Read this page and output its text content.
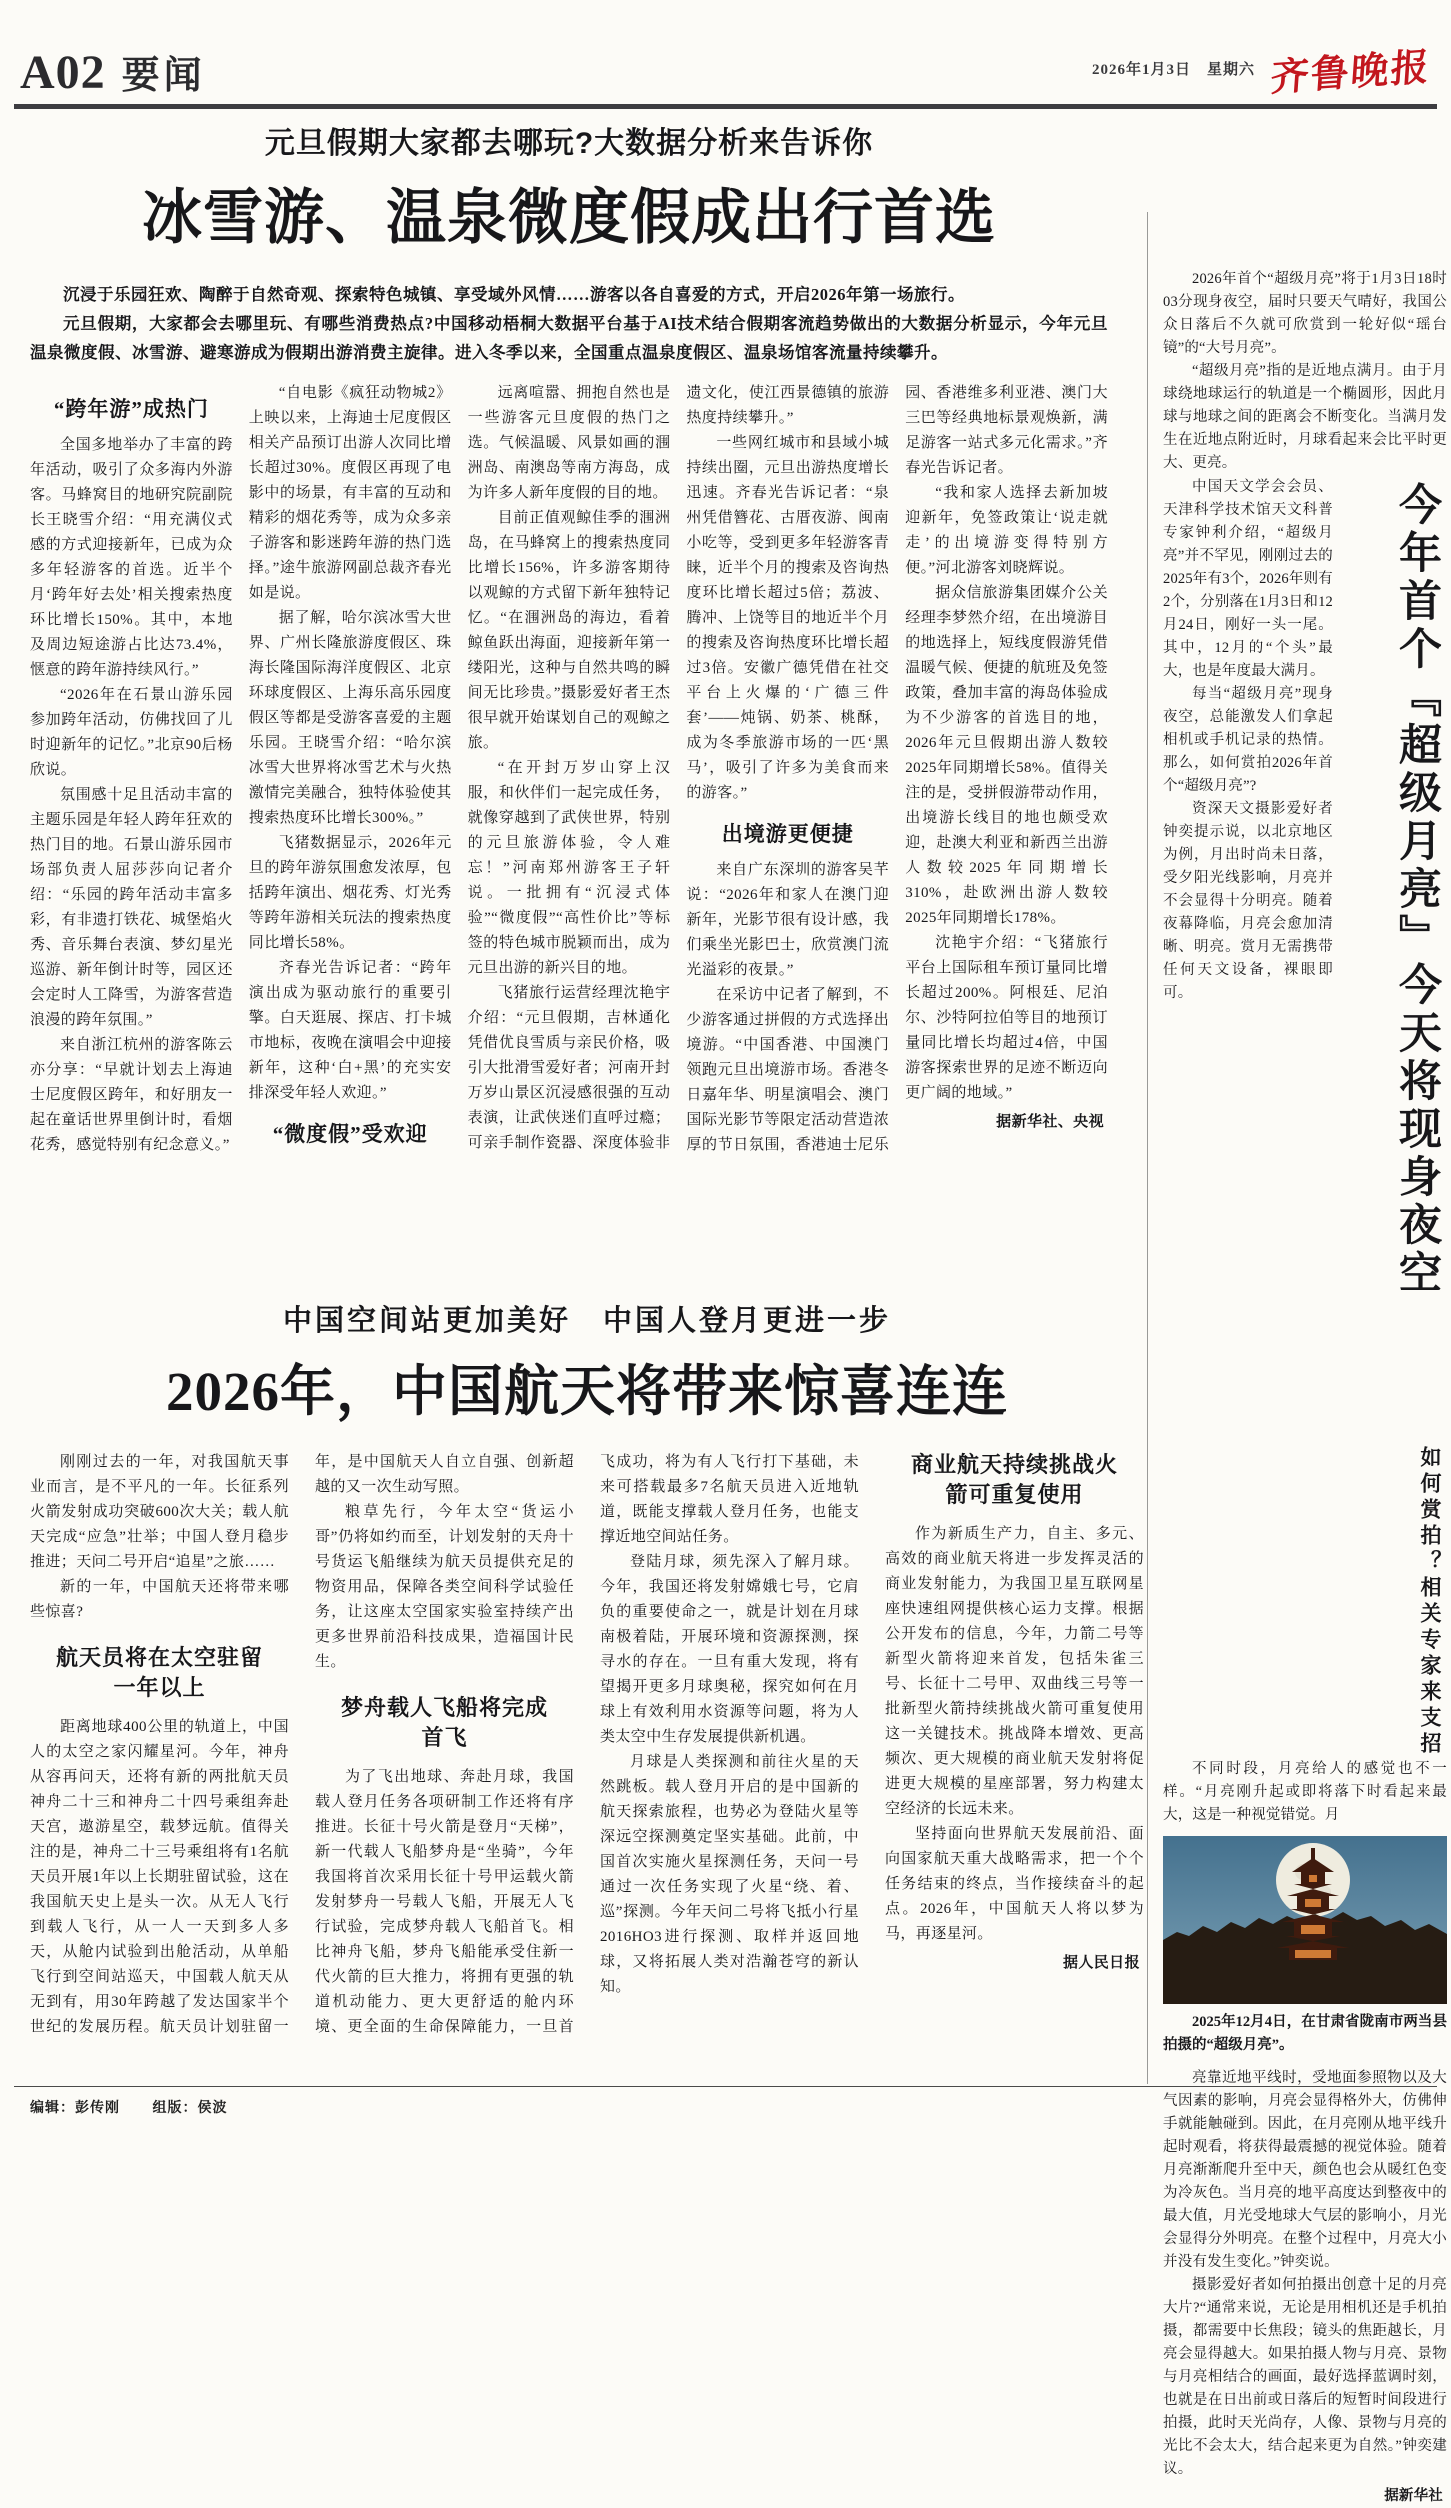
A02 要闻	2026年1月3日　 星期六 齐鲁晚报
元旦假期大家都去哪玩?大数据分析来告诉你
冰雪游、温泉微度假成出行首选

沉浸于乐园狂欢、陶醉于自然奇观、探索特色城镇、享受域外风情……游客以各自喜爱的方式，开启2026年第一场旅行。

元旦假期，大家都会去哪里玩、有哪些消费热点?中国移动梧桐大数据平台基于AI技术结合假期客流趋势做出的大数据分析显示，今年元旦温泉微度假、冰雪游、避寒游成为假期出游消费主旋律。进入冬季以来，全国重点温泉度假区、温泉场馆客流量持续攀升。

“跨年游”成热门

全国多地举办了丰富的跨年活动，吸引了众多海内外游客。马蜂窝目的地研究院副院长王晓雪介绍：“用充满仪式感的方式迎接新年，已成为众多年轻游客的首选。近半个月‘跨年好去处’相关搜索热度环比增长150%。其中，本地及周边短途游占比达73.4%，惬意的跨年游持续风行。”

“2026年在石景山游乐园参加跨年活动，仿佛找回了儿时迎新年的记忆。”北京90后杨欣说。

氛围感十足且活动丰富的主题乐园是年轻人跨年狂欢的热门目的地。石景山游乐园市场部负责人屈莎莎向记者介绍：“乐园的跨年活动丰富多彩，有非遗打铁花、城堡焰火秀、音乐舞台表演、梦幻星光巡游、新年倒计时等，园区还会定时人工降雪，为游客营造浪漫的跨年氛围。”

来自浙江杭州的游客陈云亦分享：“早就计划去上海迪士尼度假区跨年，和好朋友一起在童话世界里倒计时，看烟花秀，感觉特别有纪念意义。”

“自电影《疯狂动物城2》上映以来，上海迪士尼度假区相关产品预订出游人次同比增长超过30%。度假区再现了电影中的场景，有丰富的互动和精彩的烟花秀等，成为众多亲子游客和影迷跨年游的热门选择。”途牛旅游网副总裁齐春光如是说。

据了解，哈尔滨冰雪大世界、广州长隆旅游度假区、珠海长隆国际海洋度假区、北京环球度假区、上海乐高乐园度假区等都是受游客喜爱的主题乐园。王晓雪介绍：“哈尔滨冰雪大世界将冰雪艺术与火热激情完美融合，独特体验使其搜索热度环比增长300%。”

飞猪数据显示，2026年元旦的跨年游氛围愈发浓厚，包括跨年演出、烟花秀、灯光秀等跨年游相关玩法的搜索热度同比增长58%。

齐春光告诉记者：“跨年演出成为驱动旅行的重要引擎。白天逛展、探店、打卡城市地标，夜晚在演唱会中迎接新年，这种‘白+黑’的充实安排深受年轻人欢迎。”

“微度假”受欢迎

远离喧嚣、拥抱自然也是一些游客元旦度假的热门之选。气候温暖、风景如画的涠洲岛、南澳岛等南方海岛，成为许多人新年度假的目的地。

目前正值观鲸佳季的涠洲岛，在马蜂窝上的搜索热度同比增长156%，许多游客期待以观鲸的方式留下新年独特记忆。“在涠洲岛的海边，看着鲸鱼跃出海面，迎接新年第一缕阳光，这种与自然共鸣的瞬间无比珍贵。”摄影爱好者王杰很早就开始谋划自己的观鲸之旅。

“在开封万岁山穿上汉服，和伙伴们一起完成任务，就像穿越到了武侠世界，特别的元旦旅游体验，令人难忘！”河南郑州游客王子轩说。一批拥有“沉浸式体验”“微度假”“高性价比”等标签的特色城市脱颖而出，成为元旦出游的新兴目的地。

飞猪旅行运营经理沈艳宇介绍：“元旦假期，吉林通化凭借优良雪质与亲民价格，吸引大批滑雪爱好者；河南开封万岁山景区沉浸感很强的互动表演，让武侠迷们直呼过瘾；可亲手制作瓷器、深度体验非遗文化，使江西景德镇的旅游热度持续攀升。”

一些网红城市和县域小城持续出圈，元旦出游热度增长迅速。齐春光告诉记者：“泉州凭借簪花、古厝夜游、闽南小吃等，受到更多年轻游客青睐，近半个月的搜索及咨询热度环比增长超过5倍；荔波、腾冲、上饶等目的地近半个月的搜索及咨询热度环比增长超过3倍。安徽广德凭借在社交平台上火爆的‘广德三件套’——炖锅、奶茶、桃酥，成为冬季旅游市场的一匹‘黑马’，吸引了许多为美食而来的游客。”

出境游更便捷

来自广东深圳的游客吴芊说：“2026年和家人在澳门迎新年，光影节很有设计感，我们乘坐光影巴士，欣赏澳门流光溢彩的夜景。”

在采访中记者了解到，不少游客通过拼假的方式选择出境游。“中国香港、中国澳门领跑元旦出境游市场。香港冬日嘉年华、明星演唱会、澳门国际光影节等限定活动营造浓厚的节日氛围，香港迪士尼乐园、香港维多利亚港、澳门大三巴等经典地标景观焕新，满足游客一站式多元化需求。”齐春光告诉记者。

“我和家人选择去新加坡迎新年，免签政策让‘说走就走’的出境游变得特别方便。”河北游客刘晓辉说。

据众信旅游集团媒介公关经理李梦然介绍，在出境游目的地选择上，短线度假游凭借温暖气候、便捷的航班及免签政策，叠加丰富的海岛体验成为不少游客的首选目的地，2026年元旦假期出游人数较2025年同期增长58%。值得关注的是，受拼假游带动作用，出境游长线目的地也颇受欢迎，赴澳大利亚和新西兰出游人数较2025年同期增长310%，赴欧洲出游人数较2025年同期增长178%。

沈艳宇介绍：“飞猪旅行平台上国际租车预订量同比增长超过200%。阿根廷、尼泊尔、沙特阿拉伯等目的地预订量同比增长均超过4倍，中国游客探索世界的足迹不断迈向更广阔的地域。”

据新华社、央视

2026年首个“超级月亮”将于1月3日18时03分现身夜空，届时只要天气晴好，我国公众日落后不久就可欣赏到一轮好似“瑶台镜”的“大号月亮”。

“超级月亮”指的是近地点满月。由于月球绕地球运行的轨道是一个椭圆形，因此月球与地球之间的距离会不断变化。当满月发生在近地点附近时，月球看起来会比平时更大、更亮。

中国天文学会会员、天津科学技术馆天文科普专家钟利介绍，“超级月亮”并不罕见，刚刚过去的2025年有3个，2026年则有2个，分别落在1月3日和12月24日，刚好一头一尾。其中，12月的“个头”最大，也是年度最大满月。

每当“超级月亮”现身夜空，总能激发人们拿起相机或手机记录的热情。那么，如何赏拍2026年首个“超级月亮”?

资深天文摄影爱好者钟奕提示说，以北京地区为例，月出时尚未日落，受夕阳光线影响，月亮并不会显得十分明亮。随着夜幕降临，月亮会愈加清晰、明亮。赏月无需携带任何天文设备，裸眼即可。	今年首个『超级月亮』今天将现身夜空
如何赏拍？相关专家来支招

不同时段，月亮给人的感觉也不一样。“月亮刚升起或即将落下时看起来最大，这是一种视觉错觉。月

2025年12月4日，在甘肃省陇南市两当县拍摄的“超级月亮”。

亮靠近地平线时，受地面参照物以及大气因素的影响，月亮会显得格外大，仿佛伸手就能触碰到。因此，在月亮刚从地平线升起时观看，将获得最震撼的视觉体验。随着月亮渐渐爬升至中天，颜色也会从暖红色变为冷灰色。当月亮的地平高度达到整夜中的最大值，月光受地球大气层的影响小，月光会显得分外明亮。在整个过程中，月亮大小并没有发生变化。”钟奕说。

摄影爱好者如何拍摄出创意十足的月亮大片?“通常来说，无论是用相机还是手机拍摄，都需要中长焦段；镜头的焦距越长，月亮会显得越大。如果拍摄人物与月亮、景物与月亮相结合的画面，最好选择蓝调时刻，也就是在日出前或日落后的短暂时间段进行拍摄，此时天光尚存，人像、景物与月亮的光比不会太大，结合起来更为自然。”钟奕建议。

据新华社

中国空间站更加美好　中国人登月更进一步
2026年，中国航天将带来惊喜连连

刚刚过去的一年，对我国航天事业而言，是不平凡的一年。长征系列火箭发射成功突破600次大关；载人航天完成“应急”壮举；中国人登月稳步推进；天问二号开启“追星”之旅……

新的一年，中国航天还将带来哪些惊喜?

航天员将在太空驻留一年以上

距离地球400公里的轨道上，中国人的太空之家闪耀星河。今年，神舟从容再问天，还将有新的两批航天员神舟二十三和神舟二十四号乘组奔赴天宫，遨游星空，载梦远航。值得关注的是，神舟二十三号乘组将有1名航天员开展1年以上长期驻留试验，这在我国航天史上是头一次。从无人飞行到载人飞行，从一人一天到多人多天，从舱内试验到出舱活动，从单船飞行到空间站巡天，中国载人航天从无到有，用30年跨越了发达国家半个世纪的发展历程。航天员计划驻留一年，是中国航天人自立自强、创新超越的又一次生动写照。

粮草先行，今年太空“货运小哥”仍将如约而至，计划发射的天舟十号货运飞船继续为航天员提供充足的物资用品，保障各类空间科学试验任务，让这座太空国家实验室持续产出更多世界前沿科技成果，造福国计民生。

梦舟载人飞船将完成首飞

为了飞出地球、奔赴月球，我国载人登月任务各项研制工作还将有序推进。长征十号火箭是登月“天梯”，新一代载人飞船梦舟是“坐骑”，今年我国将首次采用长征十号甲运载火箭发射梦舟一号载人飞船，开展无人飞行试验，完成梦舟载人飞船首飞。相比神舟飞船，梦舟飞船能承受住新一代火箭的巨大推力，将拥有更强的轨道机动能力、更大更舒适的舱内环境、更全面的生命保障能力，一旦首飞成功，将为有人飞行打下基础，未来可搭载最多7名航天员进入近地轨道，既能支撑载人登月任务，也能支撑近地空间站任务。

登陆月球，须先深入了解月球。今年，我国还将发射嫦娥七号，它肩负的重要使命之一，就是计划在月球南极着陆，开展环境和资源探测，探寻水的存在。一旦有重大发现，将有望揭开更多月球奥秘，探究如何在月球上有效利用水资源等问题，将为人类太空中生存发展提供新机遇。

月球是人类探测和前往火星的天然跳板。载人登月开启的是中国新的航天探索旅程，也势必为登陆火星等深远空探测奠定坚实基础。此前，中国首次实施火星探测任务，天问一号通过一次任务实现了火星“绕、着、巡”探测。今年天问二号将飞抵小行星2016HO3进行探测、取样并返回地球，又将拓展人类对浩瀚苍穹的新认知。

商业航天持续挑战火箭可重复使用

作为新质生产力，自主、多元、高效的商业航天将进一步发挥灵活的商业发射能力，为我国卫星互联网星座快速组网提供核心运力支撑。根据公开发布的信息，今年，力箭二号等新型火箭将迎来首发，包括朱雀三号、长征十二号甲、双曲线三号等一批新型火箭持续挑战火箭可重复使用这一关键技术。挑战降本增效、更高频次、更大规模的商业航天发射将促进更大规模的星座部署，努力构建太空经济的长远未来。

坚持面向世界航天发展前沿、面向国家航天重大战略需求，把一个个任务结束的终点，当作接续奋斗的起点。2026年，中国航天人将以梦为马，再逐星河。

据人民日报

编辑：彭传刚 组版：侯波
